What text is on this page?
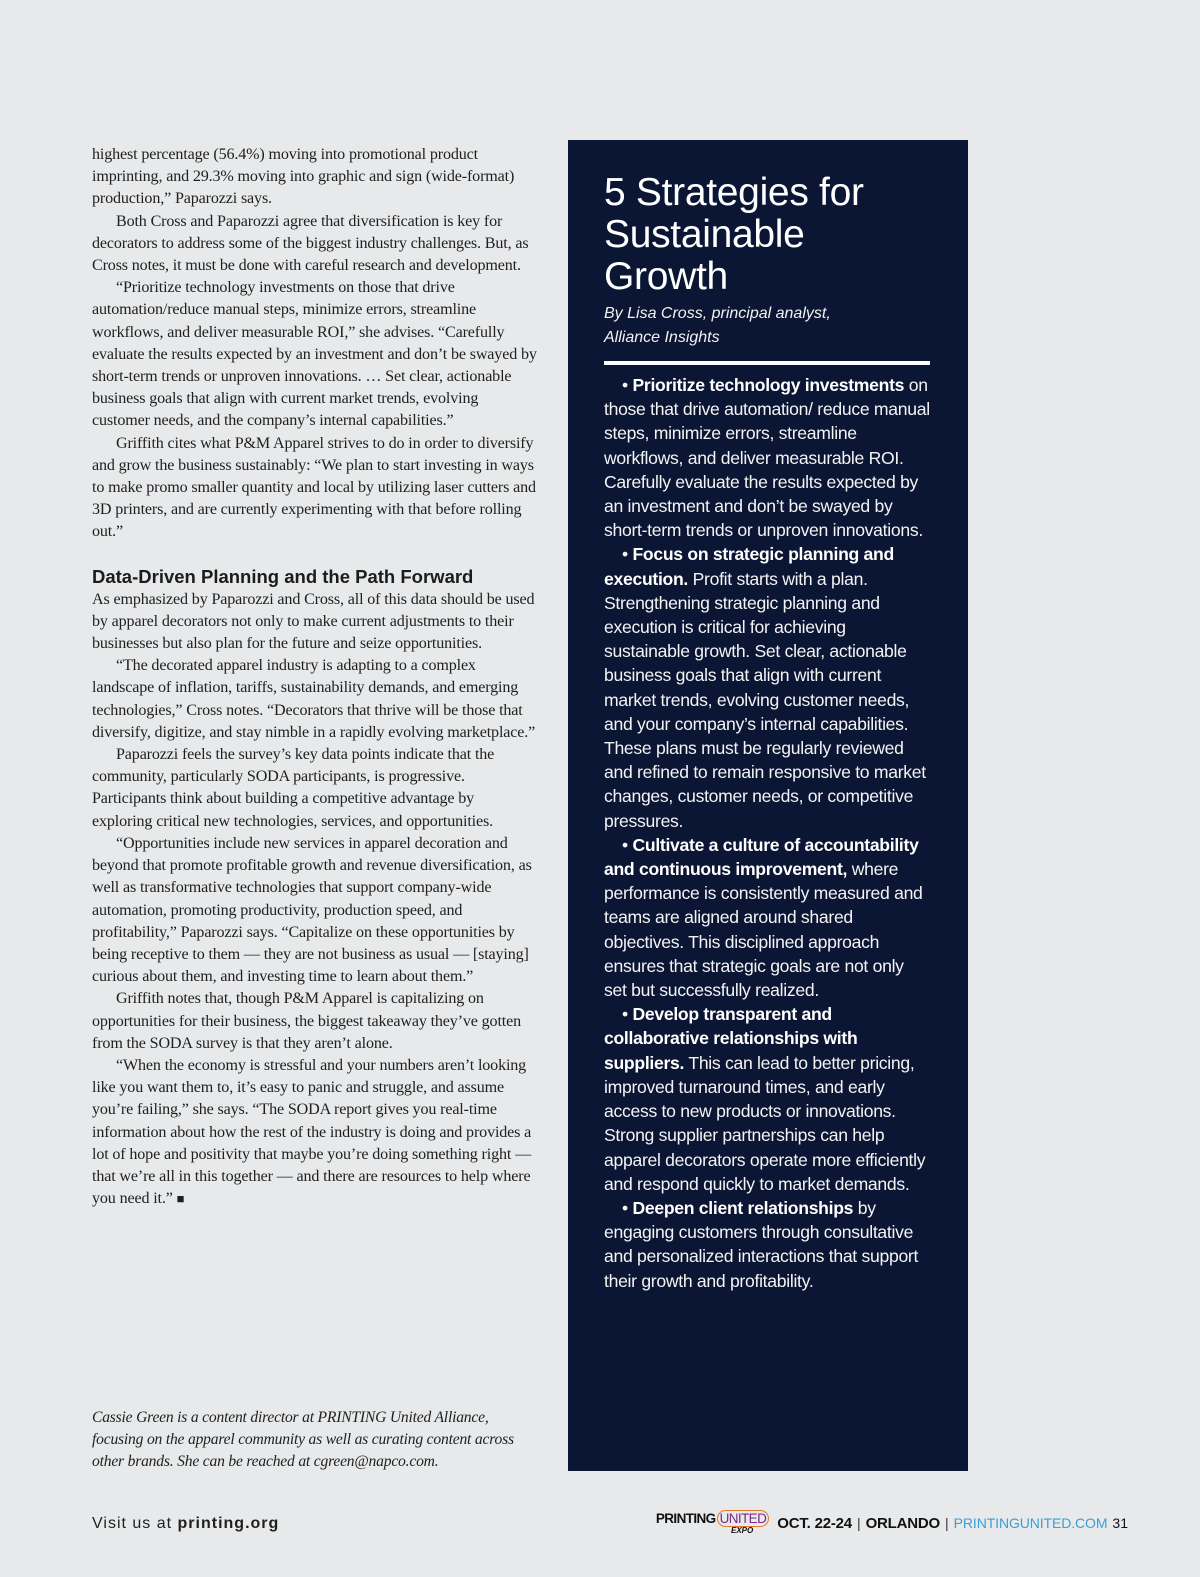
highest percentage (56.4%) moving into promotional product imprinting, and 29.3% moving into graphic and sign (wide-format) production,” Paparozzi says.

Both Cross and Paparozzi agree that diversification is key for decorators to address some of the biggest industry challenges. But, as Cross notes, it must be done with careful research and development.

“Prioritize technology investments on those that drive automation/reduce manual steps, minimize errors, streamline workflows, and deliver measurable ROI,” she advises. “Carefully evaluate the results expected by an investment and don’t be swayed by short-term trends or unproven innovations. … Set clear, actionable business goals that align with current market trends, evolving customer needs, and the company’s internal capabilities.”

Griffith cites what P&M Apparel strives to do in order to diversify and grow the business sustainably: “We plan to start investing in ways to make promo smaller quantity and local by utilizing laser cutters and 3D printers, and are currently experimenting with that before rolling out.”

Data-Driven Planning and the Path Forward

As emphasized by Paparozzi and Cross, all of this data should be used by apparel decorators not only to make current adjustments to their businesses but also plan for the future and seize opportunities.

“The decorated apparel industry is adapting to a complex landscape of inflation, tariffs, sustainability demands, and emerging technologies,” Cross notes. “Decorators that thrive will be those that diversify, digitize, and stay nimble in a rapidly evolving marketplace.”

Paparozzi feels the survey’s key data points indicate that the community, particularly SODA participants, is progressive. Participants think about building a competitive advantage by exploring critical new technologies, services, and opportunities.

“Opportunities include new services in apparel decoration and beyond that promote profitable growth and revenue diversification, as well as transformative technologies that support company-wide automation, promoting productivity, production speed, and profitability,” Paparozzi says. “Capitalize on these opportunities by being receptive to them — they are not business as usual — [staying] curious about them, and investing time to learn about them.”

Griffith notes that, though P&M Apparel is capitalizing on opportunities for their business, the biggest takeaway they’ve gotten from the SODA survey is that they aren’t alone.

“When the economy is stressful and your numbers aren’t looking like you want them to, it’s easy to panic and struggle, and assume you’re failing,” she says. “The SODA report gives you real-time information about how the rest of the industry is doing and provides a lot of hope and positivity that maybe you’re doing something right — that we’re all in this together — and there are resources to help where you need it.” ■

Cassie Green is a content director at PRINTING United Alliance, focusing on the apparel community as well as curating content across other brands. She can be reached at cgreen@napco.com.

5 Strategies for Sustainable Growth
By Lisa Cross, principal analyst,
Alliance Insights

• Prioritize technology investments on those that drive automation/ reduce manual steps, minimize errors, streamline workflows, and deliver measurable ROI. Carefully evaluate the results expected by an investment and don’t be swayed by short-term trends or unproven innovations.

• Focus on strategic planning and execution. Profit starts with a plan. Strengthening strategic planning and execution is critical for achieving sustainable growth. Set clear, actionable business goals that align with current market trends, evolving customer needs, and your company’s internal capabilities. These plans must be regularly reviewed and refined to remain responsive to market changes, customer needs, or competitive pressures.

• Cultivate a culture of accountability and continuous improvement, where performance is consistently measured and teams are aligned around shared objectives. This disciplined approach ensures that strategic goals are not only set but successfully realized.

• Develop transparent and collaborative relationships with suppliers. This can lead to better pricing, improved turnaround times, and early access to new products or innovations. Strong supplier partnerships can help apparel decorators operate more efficiently and respond quickly to market demands.

• Deepen client relationships by engaging customers through consultative and personalized interactions that support their growth and profitability.

Visit us at printing.org	PRINTING UNITED
EXPO OCT. 22-24 | ORLANDO | PRINTINGUNITED.COM 31
